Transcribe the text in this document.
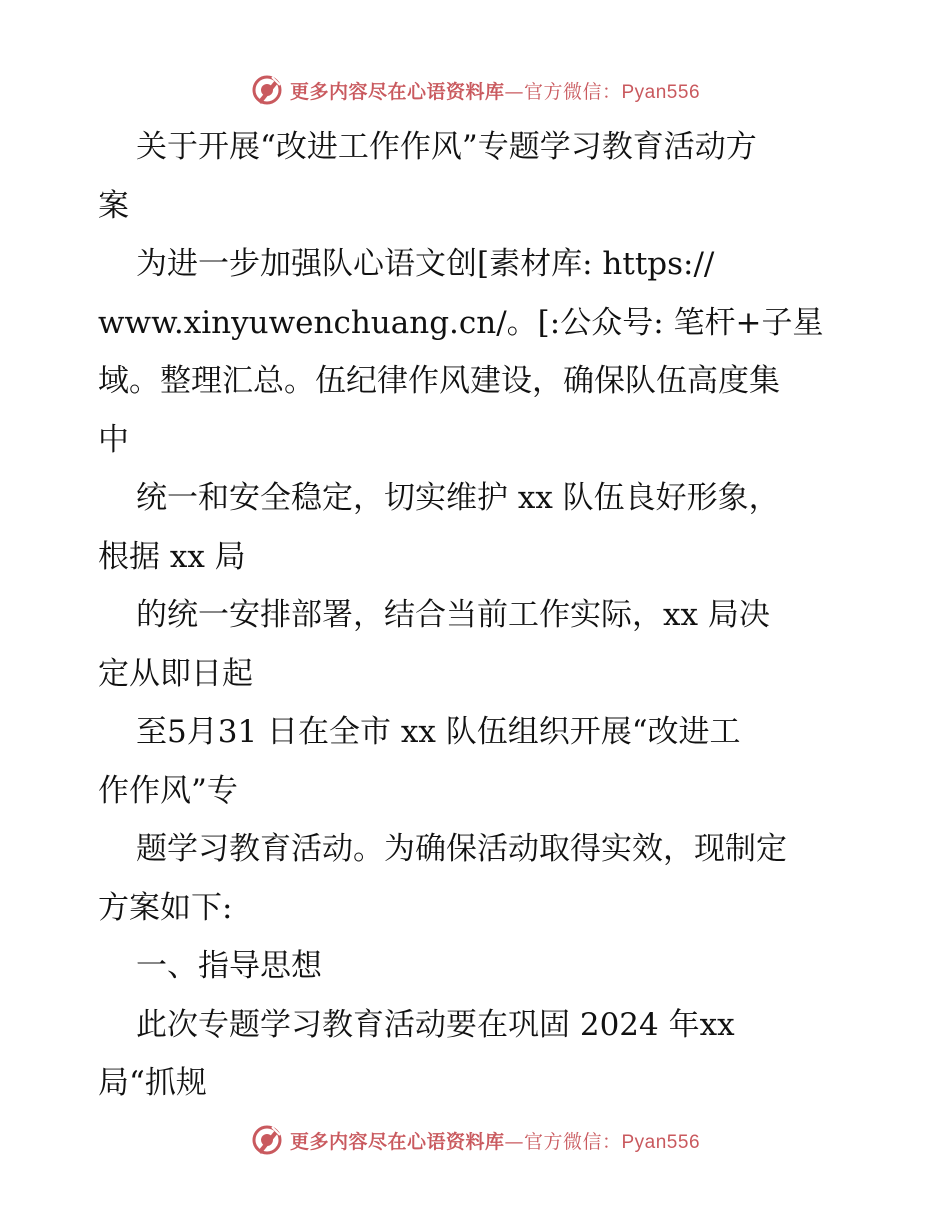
更多内容尽在心语资料库—官方微信：Pyan556
关于开展“改进工作作风”专题学习教育活动方
案
为进一步加强队心语文创[素材库: https://
www.xinyuwenchuang.cn/。[:公众号: 笔杆+子星
域。整理汇总。伍纪律作风建设，确保队伍高度集
中
统一和安全稳定，切实维护 xx 队伍良好形象，
根据 xx 局
的统一安排部署，结合当前工作实际，xx 局决
定从即日起
至5月31 日在全市 xx 队伍组织开展“改进工
作作风”专
题学习教育活动。为确保活动取得实效，现制定
方案如下:
一、指导思想
此次专题学习教育活动要在巩固 2024 年xx
局“抓规
更多内容尽在心语资料库—官方微信：Pyan556
